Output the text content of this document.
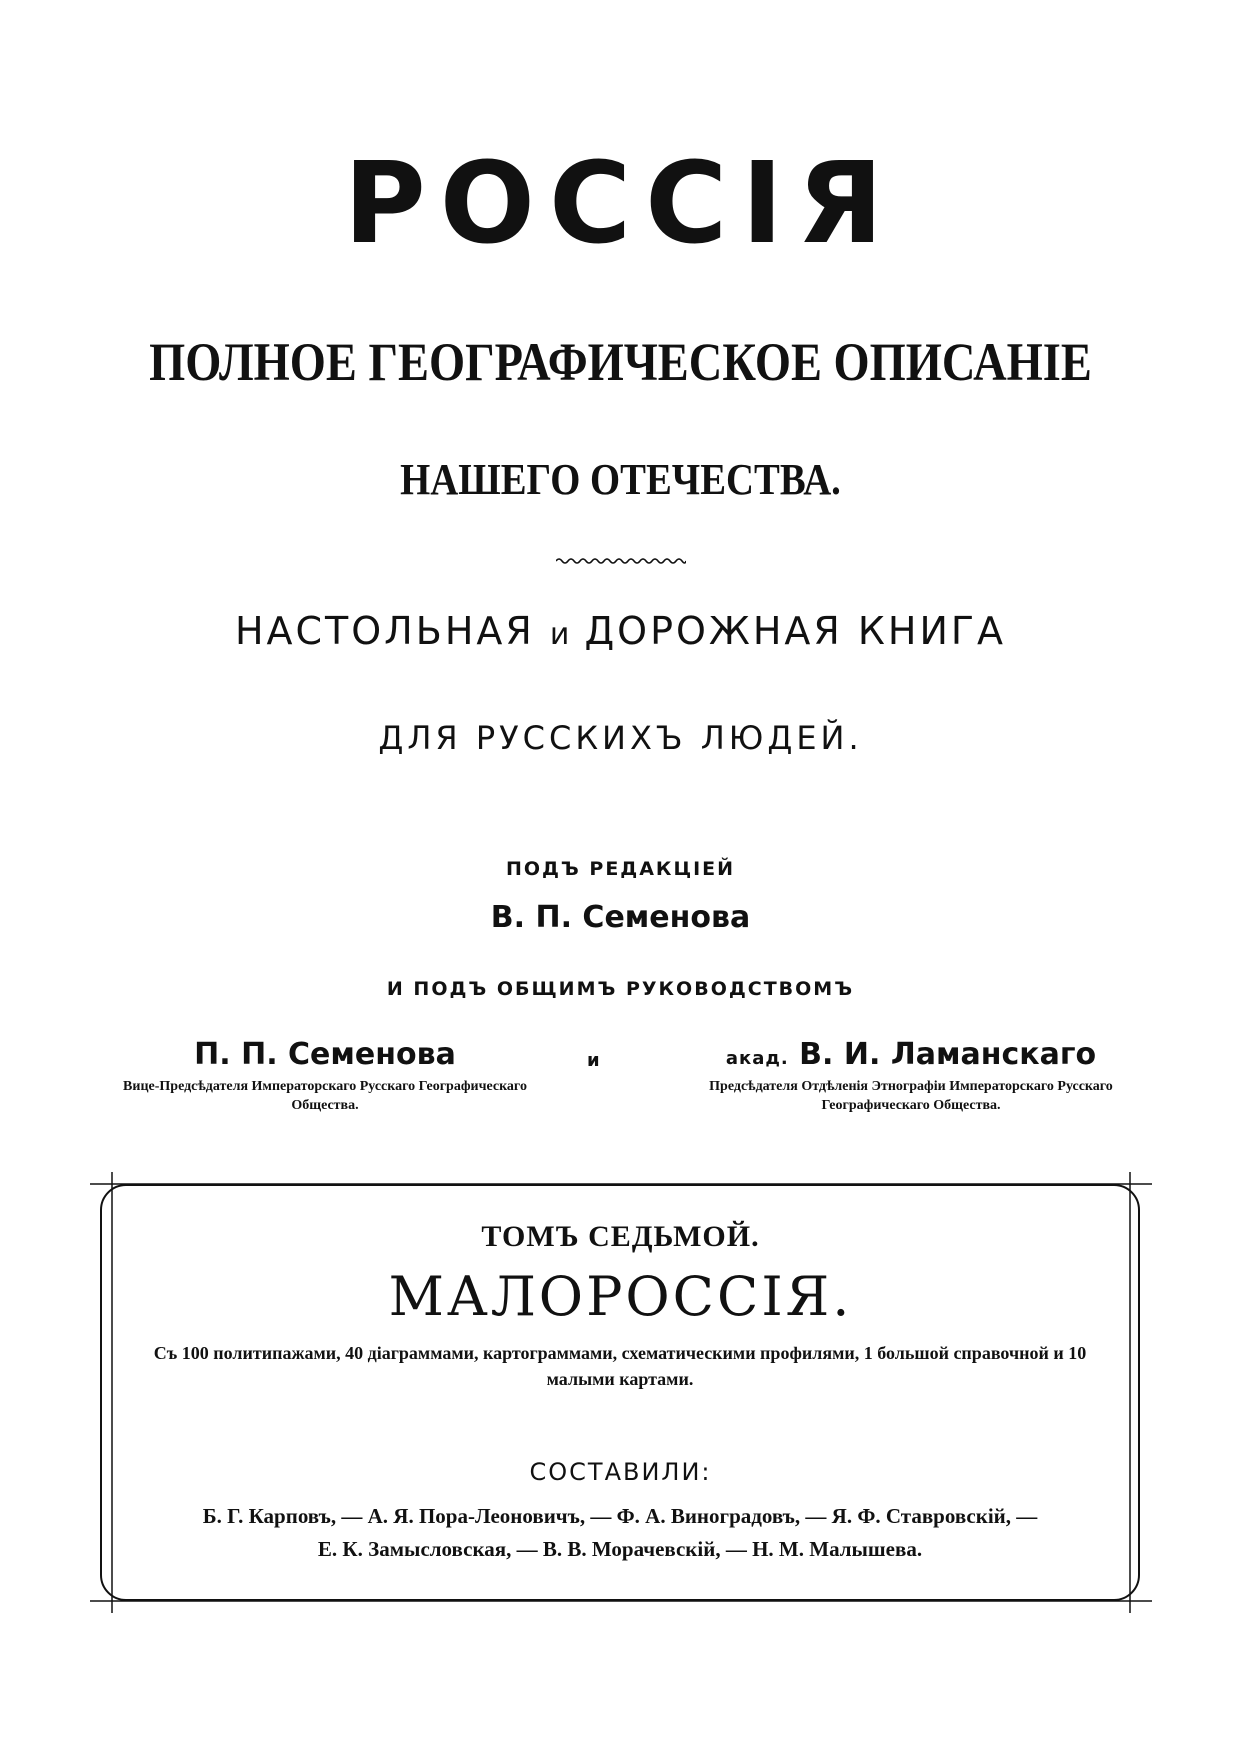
РОССІЯ
ПОЛНОЕ ГЕОГРАФИЧЕСКОЕ ОПИСАНІЕ
НАШЕГО ОТЕЧЕСТВА.
НАСТОЛЬНАЯ и ДОРОЖНАЯ КНИГА
ДЛЯ РУССКИХЪ ЛЮДЕЙ.
ПОДЪ РЕДАКЦІЕЙ
В. П. Семенова
И ПОДЪ ОБЩИМЪ РУКОВОДСТВОМЪ
П. П. Семенова
Вице-Предсѣдателя Императорскаго Русскаго Географическаго Общества.
и	акад. В. И. Ламанскаго
Предсѣдателя Отдѣленія Этнографіи Императорскаго Русскаго Географическаго Общества.
ТОМЪ СЕДЬМОЙ.
МАЛОРОССІЯ.
Съ 100 политипажами, 40 діаграммами, картограммами, схематическими профилями, 1 большой справочной и 10 малыми картами.
СОСТАВИЛИ:
Б. Г. Карповъ, — А. Я. Пора-Леоновичъ, — Ф. А. Виноградовъ, — Я. Ф. Ставровскій, —
Е. К. Замысловская, — В. В. Морачевскій, — Н. М. Малышева.
